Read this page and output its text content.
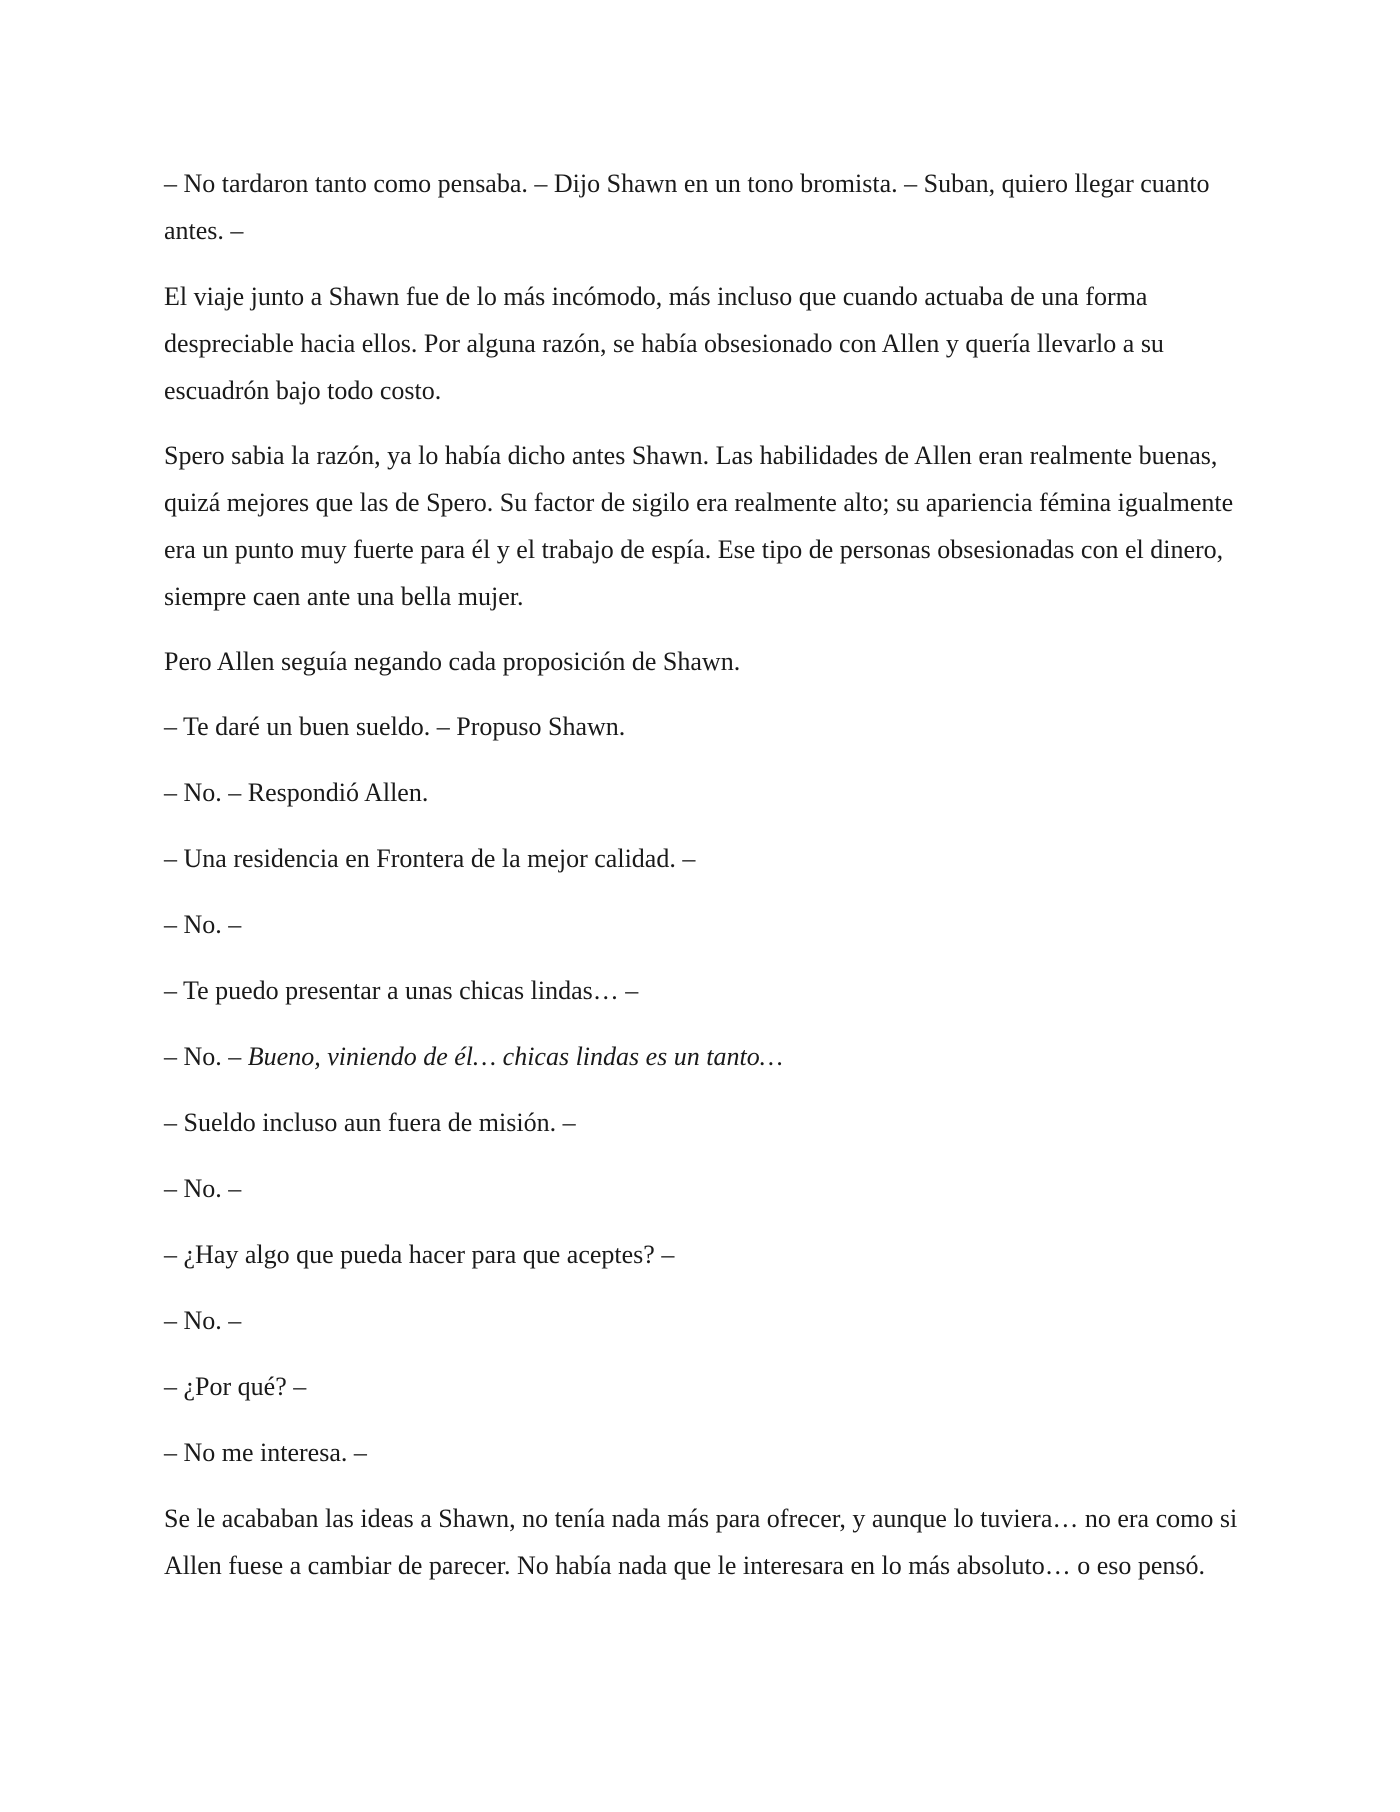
– No tardaron tanto como pensaba. – Dijo Shawn en un tono bromista. – Suban, quiero llegar cuanto antes. –

El viaje junto a Shawn fue de lo más incómodo, más incluso que cuando actuaba de una forma despreciable hacia ellos. Por alguna razón, se había obsesionado con Allen y quería llevarlo a su escuadrón bajo todo costo.

Spero sabia la razón, ya lo había dicho antes Shawn. Las habilidades de Allen eran realmente buenas, quizá mejores que las de Spero. Su factor de sigilo era realmente alto; su apariencia fémina igualmente era un punto muy fuerte para él y el trabajo de espía. Ese tipo de personas obsesionadas con el dinero, siempre caen ante una bella mujer.

Pero Allen seguía negando cada proposición de Shawn.

– Te daré un buen sueldo. – Propuso Shawn.

– No. – Respondió Allen.

– Una residencia en Frontera de la mejor calidad. –

– No. –

– Te puedo presentar a unas chicas lindas… –

– No. – Bueno, viniendo de él… chicas lindas es un tanto…

– Sueldo incluso aun fuera de misión. –

– No. –

– ¿Hay algo que pueda hacer para que aceptes? –

– No. –

– ¿Por qué? –

– No me interesa. –

Se le acababan las ideas a Shawn, no tenía nada más para ofrecer, y aunque lo tuviera… no era como si Allen fuese a cambiar de parecer. No había nada que le interesara en lo más absoluto… o eso pensó.
